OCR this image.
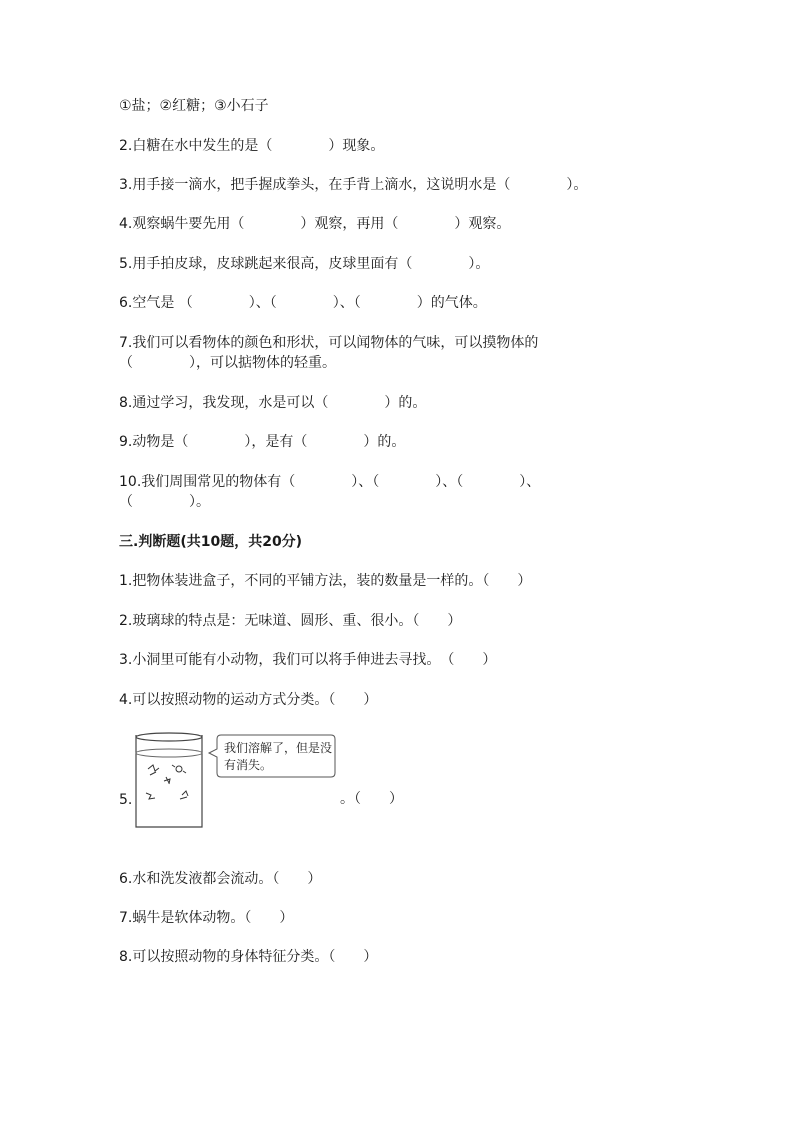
①盐；②红糖；③小石子
2.白糖在水中发生的是（　　　　）现象。
3.用手接一滴水，把手握成拳头，在手背上滴水，这说明水是（　　　　）。
4.观察蜗牛要先用（　　　　）观察，再用（　　　　）观察。
5.用手拍皮球，皮球跳起来很高，皮球里面有（　　　　）。
6.空气是 （　　　　）、（　　　　）、（　　　　）的气体。
7.我们可以看物体的颜色和形状，可以闻物体的气味，可以摸物体的
（　　　　），可以掂物体的轻重。
8.通过学习，我发现，水是可以（　　　　）的。
9.动物是（　　　　），是有（　　　　）的。
10.我们周围常见的物体有（　　　　）、（　　　　）、（　　　　）、
（　　　　）。
三.判断题(共10题，共20分)
1.把物体装进盒子，不同的平铺方法，装的数量是一样的。（　　）
2.玻璃球的特点是：无味道、圆形、重、很小。（　　）
3.小洞里可能有小动物，我们可以将手伸进去寻找。　（　　）
4.可以按照动物的运动方式分类。（　　）
5.
我们溶解了，但是没有消失。
。（　　）
6.水和洗发液都会流动。（　　）
7.蜗牛是软体动物。（　　）
8.可以按照动物的身体特征分类。（　　）
